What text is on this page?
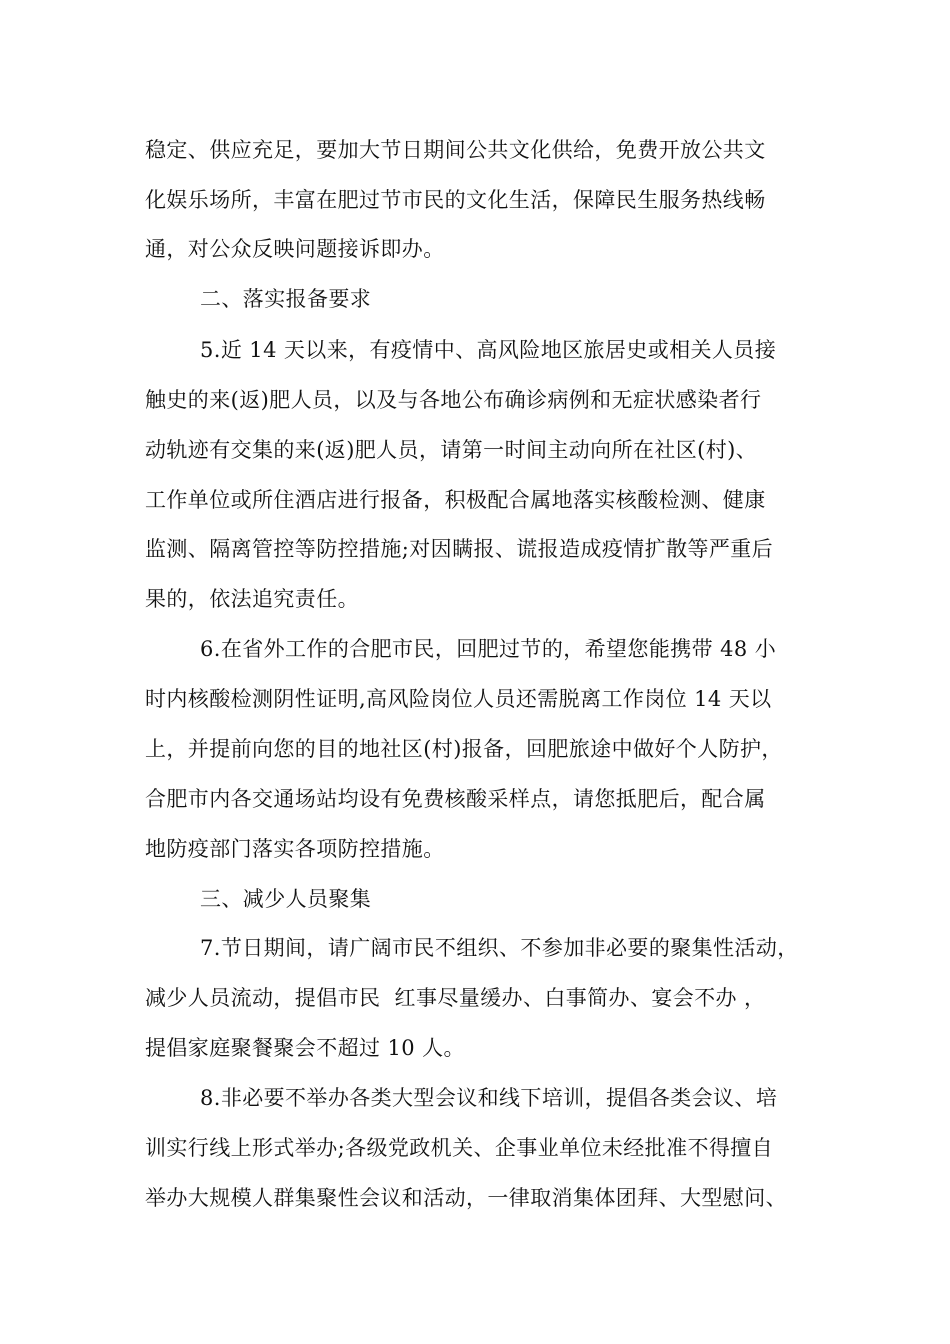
稳定、供应充足，要加大节日期间公共文化供给，免费开放公共文
化娱乐场所，丰富在肥过节市民的文化生活，保障民生服务热线畅
通，对公众反映问题接诉即办。
二、落实报备要求
5.近 14 天以来，有疫情中、高风险地区旅居史或相关人员接
触史的来(返)肥人员，以及与各地公布确诊病例和无症状感染者行
动轨迹有交集的来(返)肥人员，请第一时间主动向所在社区(村)、
工作单位或所住酒店进行报备，积极配合属地落实核酸检测、健康
监测、隔离管控等防控措施;对因瞒报、谎报造成疫情扩散等严重后
果的，依法追究责任。
6.在省外工作的合肥市民，回肥过节的，希望您能携带 48 小
时内核酸检测阴性证明,高风险岗位人员还需脱离工作岗位 14 天以
上，并提前向您的目的地社区(村)报备，回肥旅途中做好个人防护，
合肥市内各交通场站均设有免费核酸采样点，请您抵肥后，配合属
地防疫部门落实各项防控措施。
三、减少人员聚集
7.节日期间，请广阔市民不组织、不参加非必要的聚集性活动，
减少人员流动，提倡市民  红事尽量缓办、白事简办、宴会不办 ，
提倡家庭聚餐聚会不超过 10 人。
8.非必要不举办各类大型会议和线下培训，提倡各类会议、培
训实行线上形式举办;各级党政机关、企事业单位未经批准不得擅自
举办大规模人群集聚性会议和活动，一律取消集体团拜、大型慰问、
